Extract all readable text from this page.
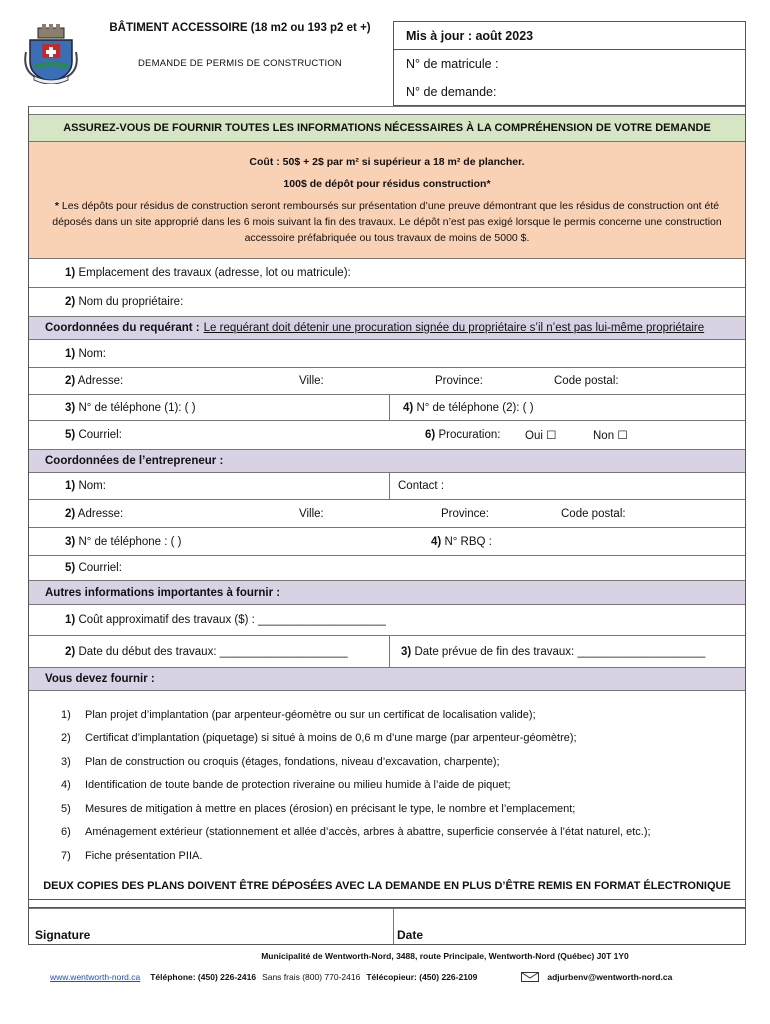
BÂTIMENT ACCESSOIRE (18 m2 ou 193 p2 et +)
DEMANDE DE PERMIS DE CONSTRUCTION
Mis à jour : août 2023
N° de matricule :
N° de demande:
ASSUREZ-VOUS DE FOURNIR TOUTES LES INFORMATIONS NÉCESSAIRES À LA COMPRÉHENSION DE VOTRE DEMANDE

Coût : 50$ + 2$ par m² si supérieur a 18 m² de plancher.

100$ de dépôt pour résidus construction*

* Les dépôts pour résidus de construction seront remboursés sur présentation d’une preuve démontrant que les résidus de construction ont été déposés dans un site approprié dans les 6 mois suivant la fin des travaux. Le dépôt n’est pas exigé lorsque le permis concerne une construction accessoire préfabriquée ou tous travaux de moins de 5000 $.

1) Emplacement des travaux (adresse, lot ou matricule):
2) Nom du propriétaire:
Coordonnées du requérant : Le requérant doit détenir une procuration signée du propriétaire s’il n’est pas lui-même propriétaire
1) Nom:
2) Adresse:	Ville:	Province:	Code postal:
3) N° de téléphone (1): ( )	4) N° de téléphone (2): ( )
5) Courriel:	6) Procuration: Oui ☐	Non ☐
Coordonnées de l’entrepreneur :
1) Nom:	Contact :
2) Adresse:	Ville:	Province:	Code postal:
3) N° de téléphone : ( )	4) N° RBQ :
5) Courriel:
Autres informations importantes à fournir :
1) Coût approximatif des travaux ($) : ____________________
2) Date du début des travaux: ____________________	3) Date prévue de fin des travaux: ____________________
Vous devez fournir :
1)	Plan projet d’implantation (par arpenteur-géomètre ou sur un certificat de localisation valide);
2)	Certificat d’implantation (piquetage) si situé à moins de 0,6 m d’une marge (par arpenteur-géomètre);
3)	Plan de construction ou croquis (étages, fondations, niveau d’excavation, charpente);
4)	Identification de toute bande de protection riveraine ou milieu humide à l’aide de piquet;
5)	Mesures de mitigation à mettre en places (érosion) en précisant le type, le nombre et l’emplacement;
6)	Aménagement extérieur (stationnement et allée d’accès, arbres à abattre, superficie conservée à l’état naturel, etc.);
7)	Fiche présentation PIIA.
DEUX COPIES DES PLANS DOIVENT ÊTRE DÉPOSÉES AVEC LA DEMANDE EN PLUS D’ÊTRE REMIS EN FORMAT ÉLECTRONIQUE
Signature	Date
Municipalité de Wentworth-Nord, 3488, route Principale, Wentworth-Nord (Québec) J0T 1Y0
www.wentworth-nord.ca Téléphone: (450) 226-2416 Sans frais (800) 770-2416 Télécopieur: (450) 226-2109	adjurbenv@wentworth-nord.ca
